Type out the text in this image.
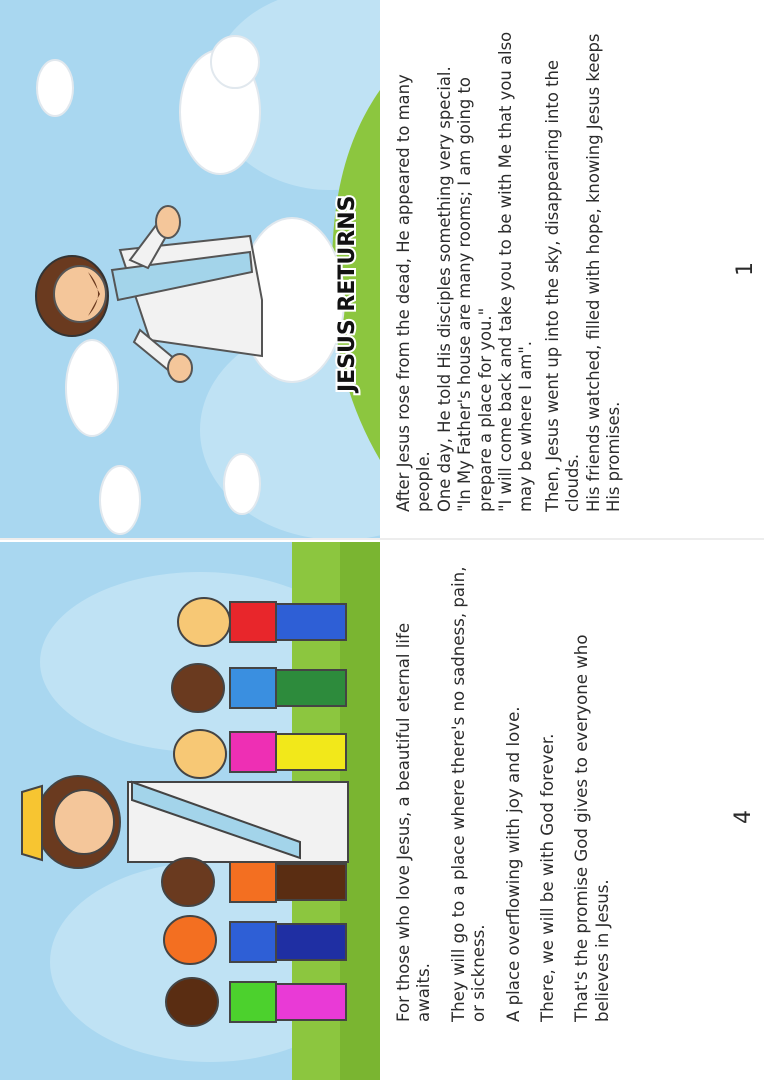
JESUS RETURNS After Jesus rose from the dead, He appeared to many people. One day, He told His disciples something very special. "In My Father's house are many rooms; I am going to prepare a place for you." "I will come back and take you to be with Me that you also may be where I am". Then, Jesus went up into the sky, disappearing into the clouds. His friends watched, filled with hope, knowing Jesus keeps His promises.

1

For those who love Jesus, a beautiful eternal life awaits. They will go to a place where there's no sadness, pain, or sickness. A place overflowing with joy and love. There, we will be with God forever. That's the promise God gives to everyone who believes in Jesus.

4
